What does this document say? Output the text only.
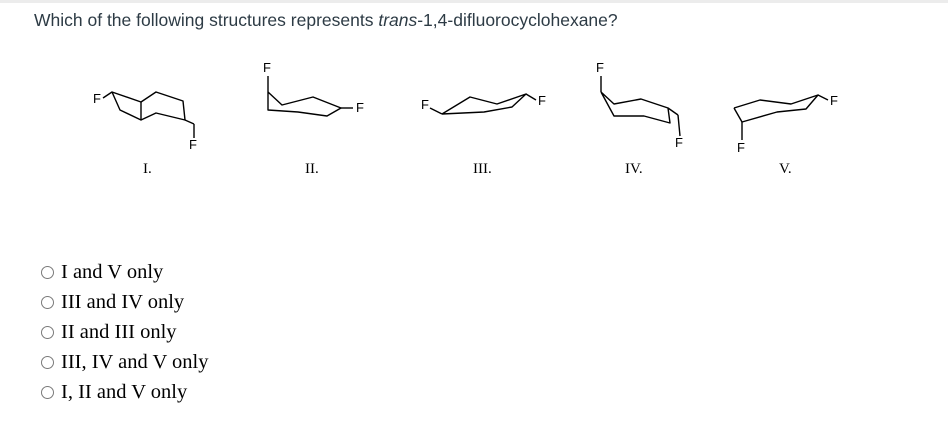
Which of the following structures represents trans-1,4-difluorocyclohexane?
F
F
F
F	F	F
F
F	F
F
I.	II.	III.	IV.	V.
I and V only
III and IV only
II and III only
III, IV and V only
I, II and V only
